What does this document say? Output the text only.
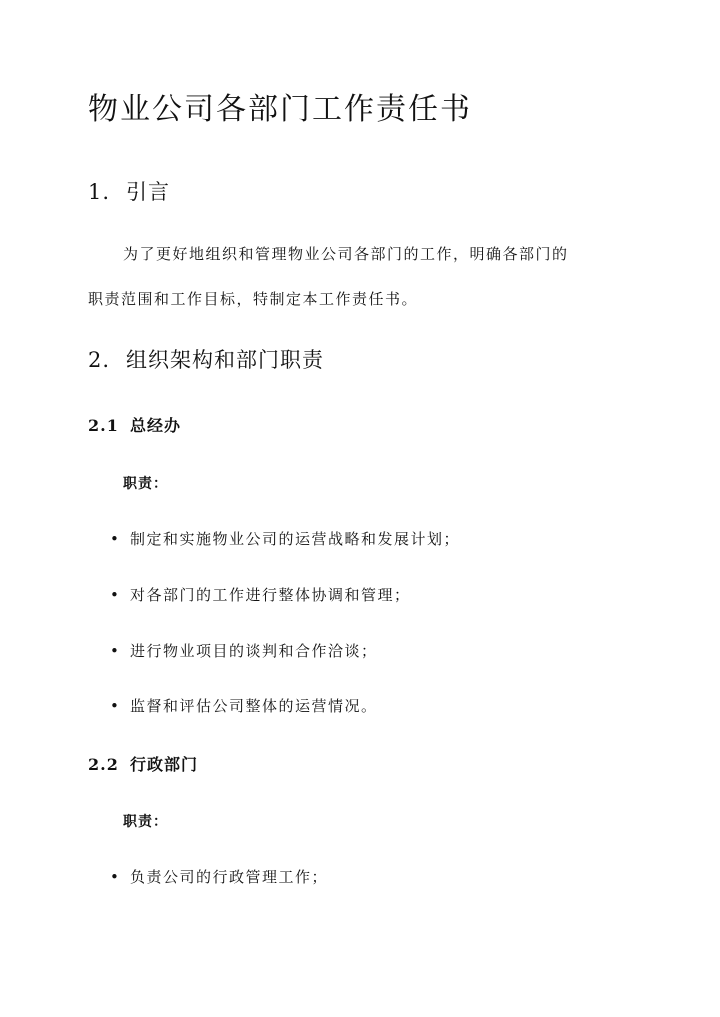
物业公司各部门工作责任书
1. 引言

为了更好地组织和管理物业公司各部门的工作，明确各部门的

职责范围和工作目标，特制定本工作责任书。

2. 组织架构和部门职责
2.1 总经办

职责：

• 制定和实施物业公司的运营战略和发展计划；
• 对各部门的工作进行整体协调和管理；
• 进行物业项目的谈判和合作洽谈；
• 监督和评估公司整体的运营情况。
2.2 行政部门

职责：

• 负责公司的行政管理工作；
